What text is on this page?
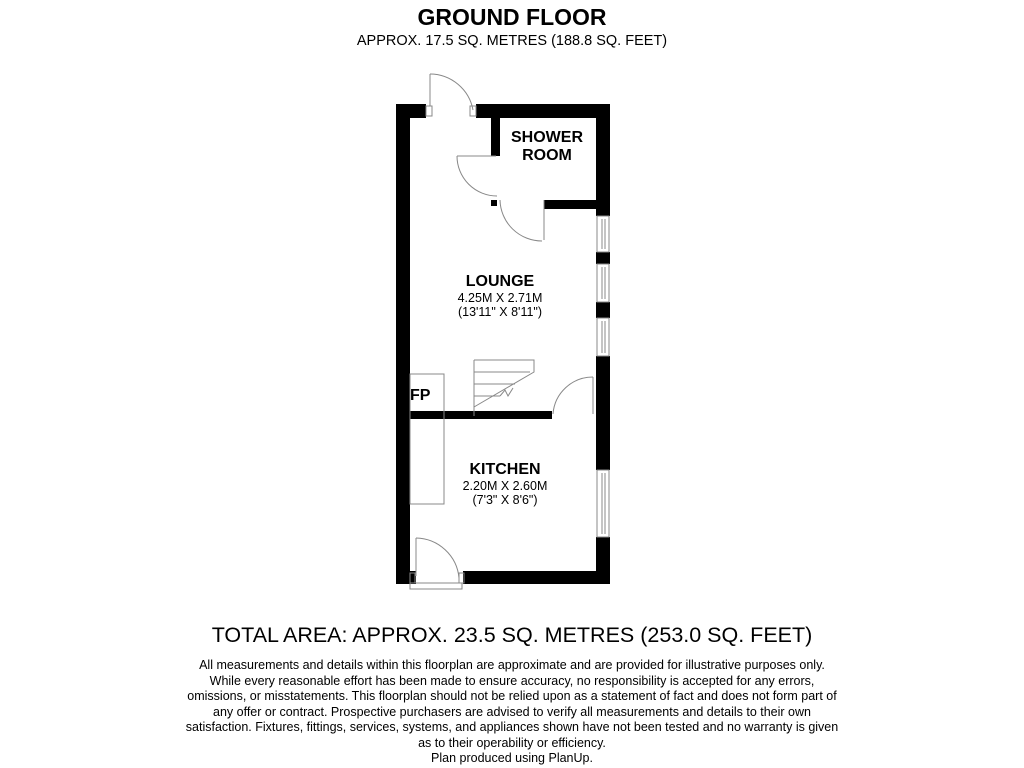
GROUND FLOOR
APPROX. 17.5 SQ. METRES (188.8 SQ. FEET)
SHOWER
ROOM
LOUNGE
4.25M X 2.71M
(13'11" X 8'11")
FP
KITCHEN
2.20M X 2.60M
(7'3" X 8'6")
TOTAL AREA: APPROX. 23.5 SQ. METRES (253.0 SQ. FEET)
All measurements and details within this floorplan are approximate and are provided for illustrative purposes only.
While every reasonable effort has been made to ensure accuracy, no responsibility is accepted for any errors,
omissions, or misstatements. This floorplan should not be relied upon as a statement of fact and does not form part of
any offer or contract. Prospective purchasers are advised to verify all measurements and details to their own
satisfaction. Fixtures, fittings, services, systems, and appliances shown have not been tested and no warranty is given
as to their operability or efficiency.
Plan produced using PlanUp.
